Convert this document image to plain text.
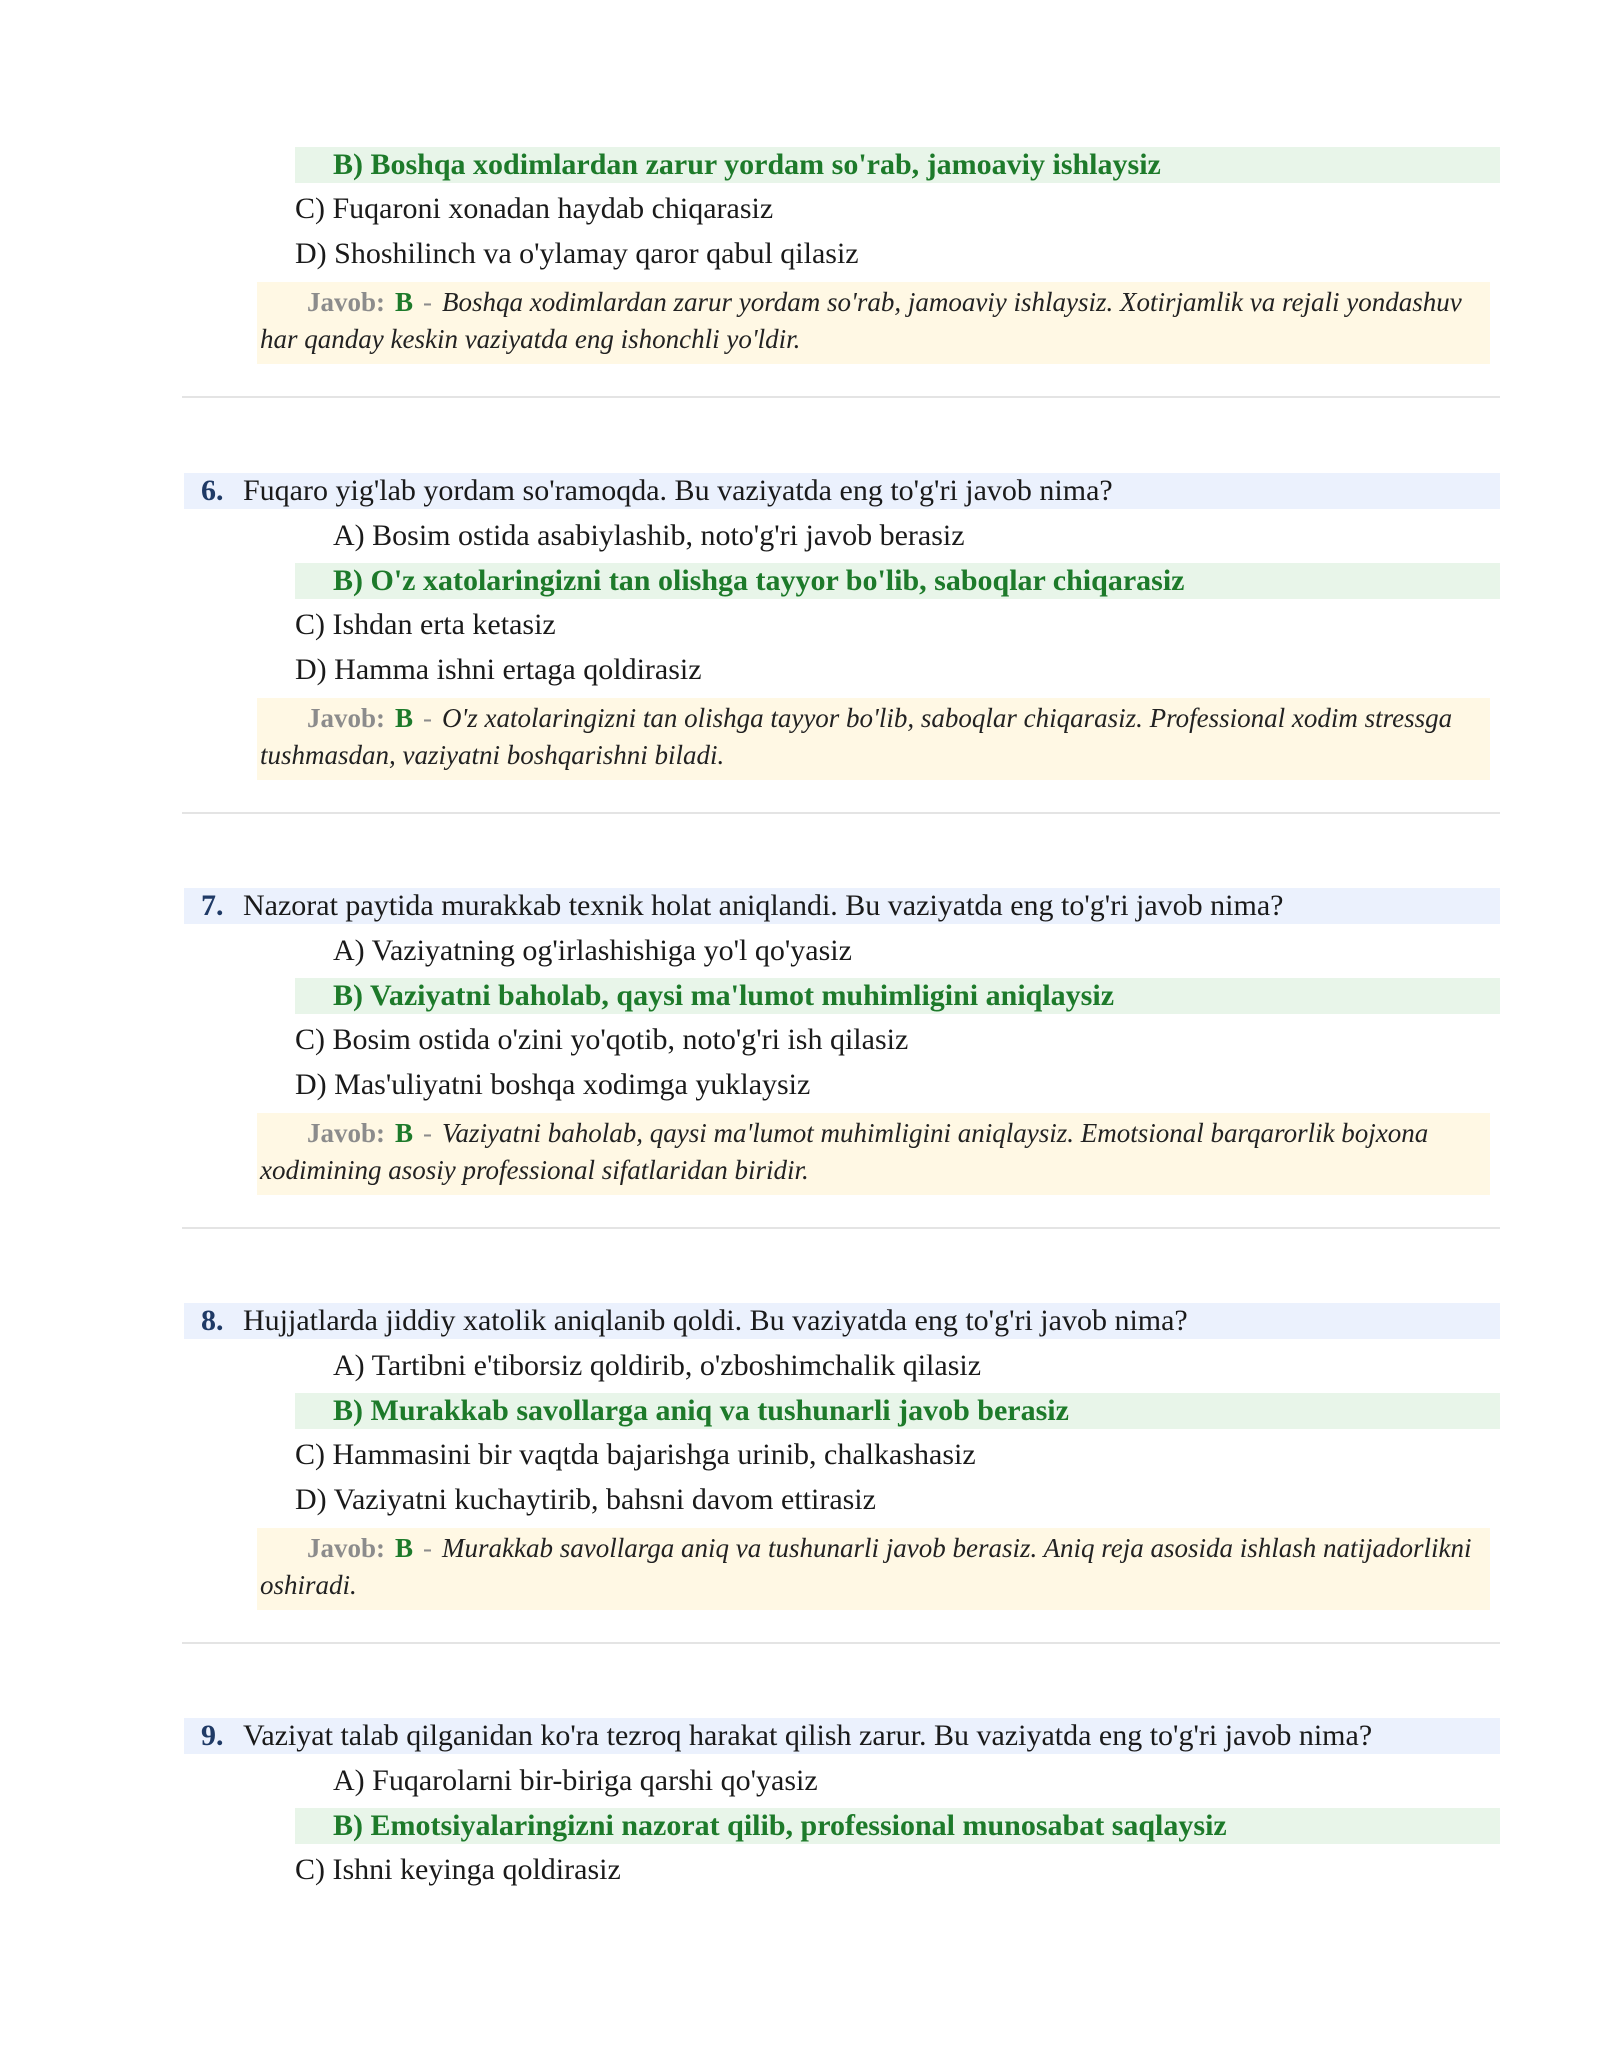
B) Boshqa xodimlardan zarur yordam so'rab, jamoaviy ishlaysiz
C) Fuqaroni xonadan haydab chiqarasiz
D) Shoshilinch va o'ylamay qaror qabul qilasiz
Javob: B - Boshqa xodimlardan zarur yordam so'rab, jamoaviy ishlaysiz. Xotirjamlik va rejali yondashuv har qanday keskin vaziyatda eng ishonchli yo'ldir.
6. Fuqaro yig'lab yordam so'ramoqda. Bu vaziyatda eng to'g'ri javob nima?
A) Bosim ostida asabiylashib, noto'g'ri javob berasiz
B) O'z xatolaringizni tan olishga tayyor bo'lib, saboqlar chiqarasiz
C) Ishdan erta ketasiz
D) Hamma ishni ertaga qoldirasiz
Javob: B - O'z xatolaringizni tan olishga tayyor bo'lib, saboqlar chiqarasiz. Professional xodim stressga tushmasdan, vaziyatni boshqarishni biladi.
7. Nazorat paytida murakkab texnik holat aniqlandi. Bu vaziyatda eng to'g'ri javob nima?
A) Vaziyatning og'irlashishiga yo'l qo'yasiz
B) Vaziyatni baholab, qaysi ma'lumot muhimligini aniqlaysiz
C) Bosim ostida o'zini yo'qotib, noto'g'ri ish qilasiz
D) Mas'uliyatni boshqa xodimga yuklaysiz
Javob: B - Vaziyatni baholab, qaysi ma'lumot muhimligini aniqlaysiz. Emotsional barqarorlik bojxona xodimining asosiy professional sifatlaridan biridir.
8. Hujjatlarda jiddiy xatolik aniqlanib qoldi. Bu vaziyatda eng to'g'ri javob nima?
A) Tartibni e'tiborsiz qoldirib, o'zboshimchalik qilasiz
B) Murakkab savollarga aniq va tushunarli javob berasiz
C) Hammasini bir vaqtda bajarishga urinib, chalkashasiz
D) Vaziyatni kuchaytirib, bahsni davom ettirasiz
Javob: B - Murakkab savollarga aniq va tushunarli javob berasiz. Aniq reja asosida ishlash natijadorlikni oshiradi.
9. Vaziyat talab qilganidan ko'ra tezroq harakat qilish zarur. Bu vaziyatda eng to'g'ri javob nima?
A) Fuqarolarni bir-biriga qarshi qo'yasiz
B) Emotsiyalaringizni nazorat qilib, professional munosabat saqlaysiz
C) Ishni keyinga qoldirasiz
